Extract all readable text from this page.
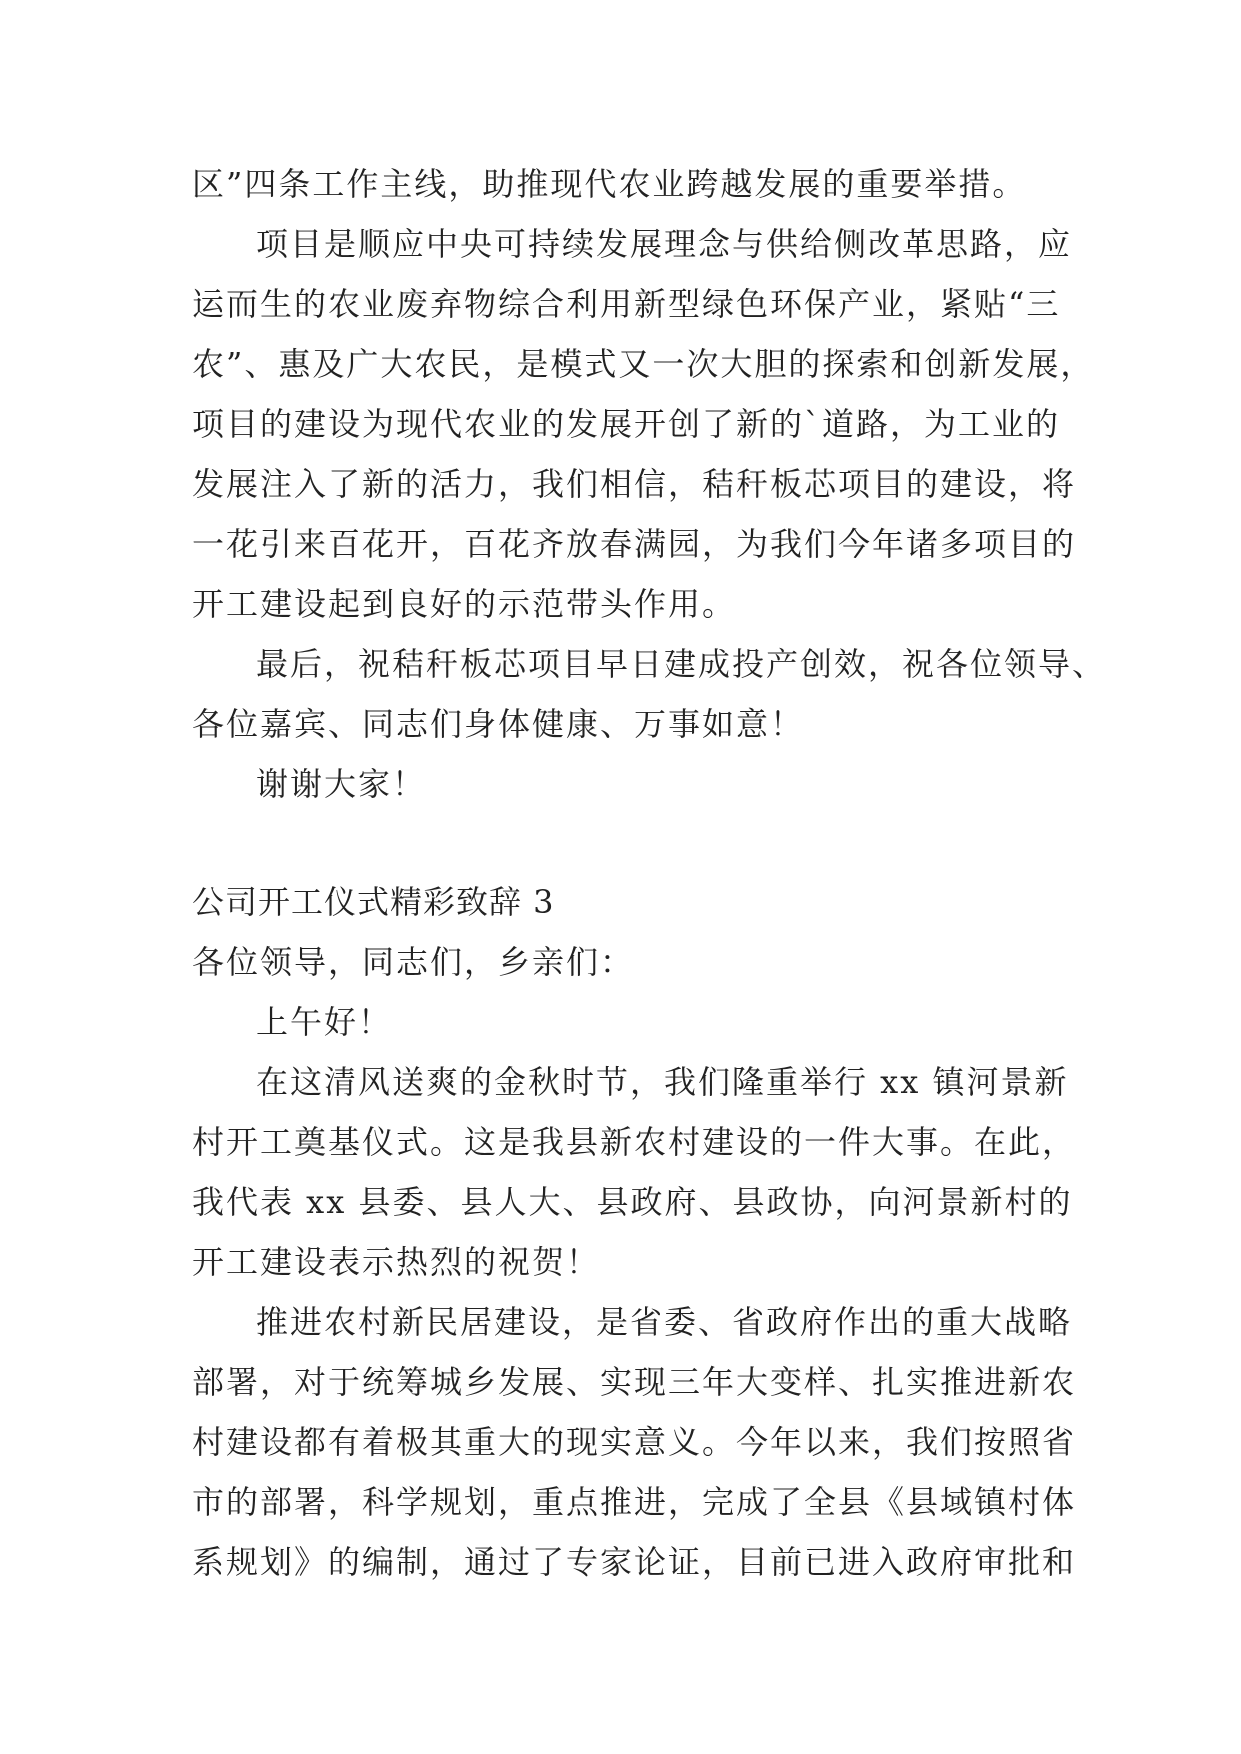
区”四条工作主线，助推现代农业跨越发展的重要举措。
项目是顺应中央可持续发展理念与供给侧改革思路，应
运而生的农业废弃物综合利用新型绿色环保产业，紧贴“三
农”、惠及广大农民，是模式又一次大胆的探索和创新发展，
项目的建设为现代农业的发展开创了新的`道路，为工业的
发展注入了新的活力，我们相信，秸秆板芯项目的建设，将
一花引来百花开，百花齐放春满园，为我们今年诸多项目的
开工建设起到良好的示范带头作用。
最后，祝秸秆板芯项目早日建成投产创效，祝各位领导、
各位嘉宾、同志们身体健康、万事如意！
谢谢大家！
公司开工仪式精彩致辞 3
各位领导，同志们，乡亲们：
上午好！
在这清风送爽的金秋时节，我们隆重举行 xx 镇河景新
村开工奠基仪式。这是我县新农村建设的一件大事。在此，
我代表 xx 县委、县人大、县政府、县政协，向河景新村的
开工建设表示热烈的祝贺！
推进农村新民居建设，是省委、省政府作出的重大战略
部署，对于统筹城乡发展、实现三年大变样、扎实推进新农
村建设都有着极其重大的现实意义。今年以来，我们按照省
市的部署，科学规划，重点推进，完成了全县《县域镇村体
系规划》的编制，通过了专家论证，目前已进入政府审批和
